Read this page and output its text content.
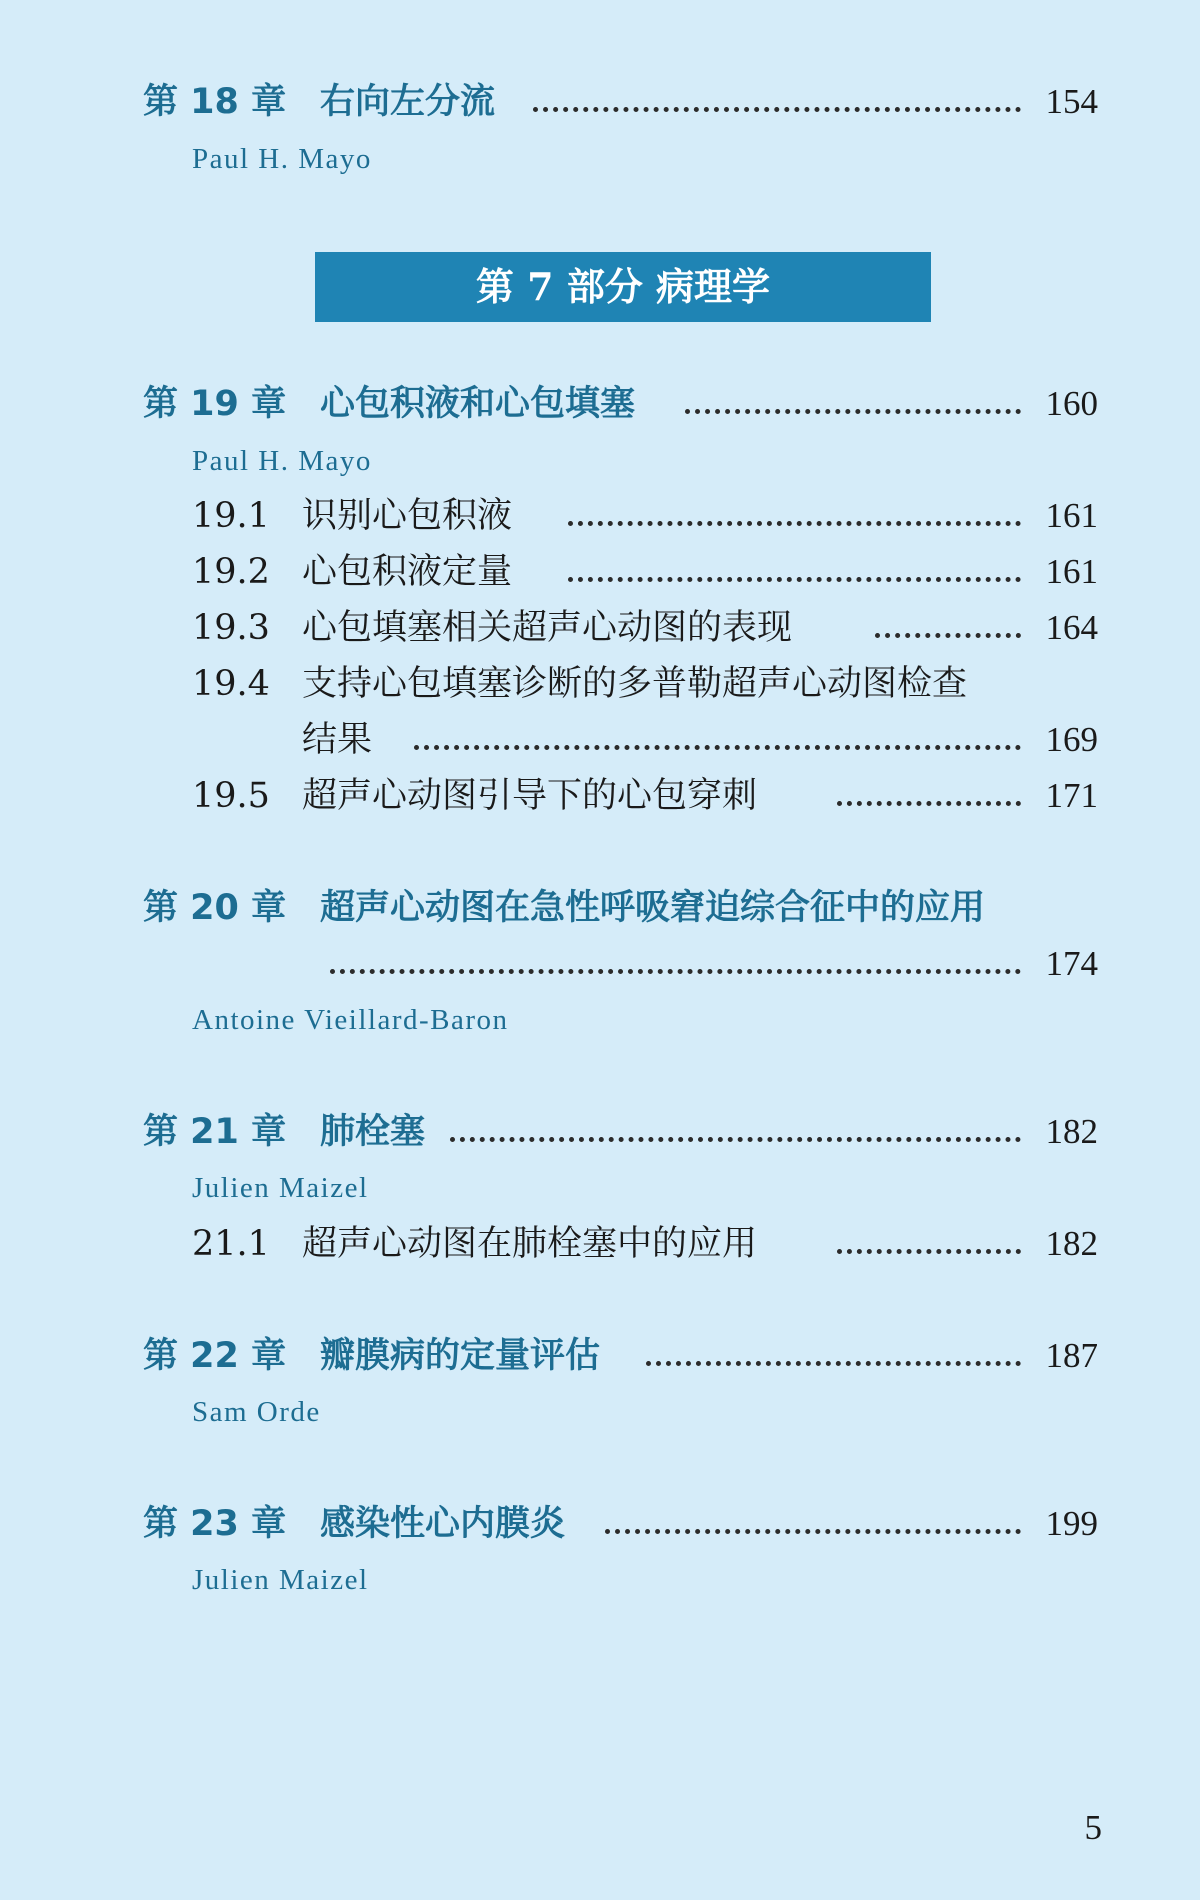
第 18 章 右向左分流	154
Paul H. Mayo
第 7 部分 病理学
第 19 章 心包积液和心包填塞	160
Paul H. Mayo
19.1 识别心包积液	161
19.2 心包积液定量	161
19.3 心包填塞相关超声心动图的表现	164
19.4 支持心包填塞诊断的多普勒超声心动图检查
结果	169
19.5 超声心动图引导下的心包穿刺	171
第 20 章 超声心动图在急性呼吸窘迫综合征中的应用
174
Antoine Vieillard-Baron
第 21 章 肺栓塞	182
Julien Maizel
21.1 超声心动图在肺栓塞中的应用	182
第 22 章 瓣膜病的定量评估	187
Sam Orde
第 23 章 感染性心内膜炎	199
Julien Maizel
5
